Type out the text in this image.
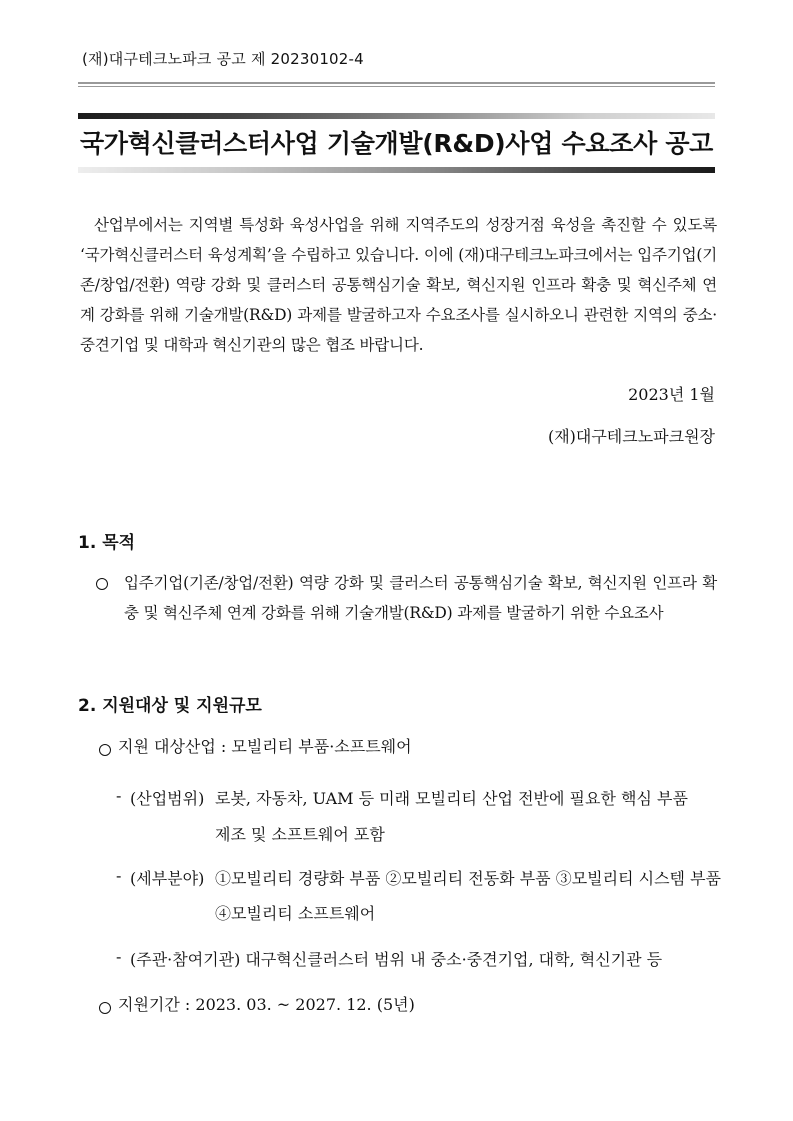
(재)대구테크노파크 공고 제 20230102-4
국가혁신클러스터사업 기술개발(R&D)사업 수요조사 공고
산업부에서는 지역별 특성화 육성사업을 위해 지역주도의 성장거점 육성을 촉진할 수 있도록 ‘국가혁신클러스터 육성계획’을 수립하고 있습니다. 이에 (재)대구테크노파크에서는 입주기업(기존/창업/전환) 역량 강화 및 클러스터 공통핵심기술 확보, 혁신지원 인프라 확충 및 혁신주체 연계 강화를 위해 기술개발(R&D) 과제를 발굴하고자 수요조사를 실시하오니 관련한 지역의 중소·중견기업 및 대학과 혁신기관의 많은 협조 바랍니다.
2023년 1월
(재)대구테크노파크원장
1. 목적
입주기업(기존/창업/전환) 역량 강화 및 클러스터 공통핵심기술 확보, 혁신지원 인프라 확충 및 혁신주체 연계 강화를 위해 기술개발(R&D) 과제를 발굴하기 위한 수요조사
2. 지원대상 및 지원규모
지원 대상산업 : 모빌리티 부품·소프트웨어
- (산업범위) 로봇, 자동차, UAM 등 미래 모빌리티 산업 전반에 필요한 핵심 부품
제조 및 소프트웨어 포함
- (세부분야) ①모빌리티 경량화 부품 ②모빌리티 전동화 부품 ③모빌리티 시스템 부품
④모빌리티 소프트웨어
- (주관·참여기관) 대구혁신클러스터 범위 내 중소·중견기업, 대학, 혁신기관 등
지원기간 : 2023. 03. ~ 2027. 12. (5년)
